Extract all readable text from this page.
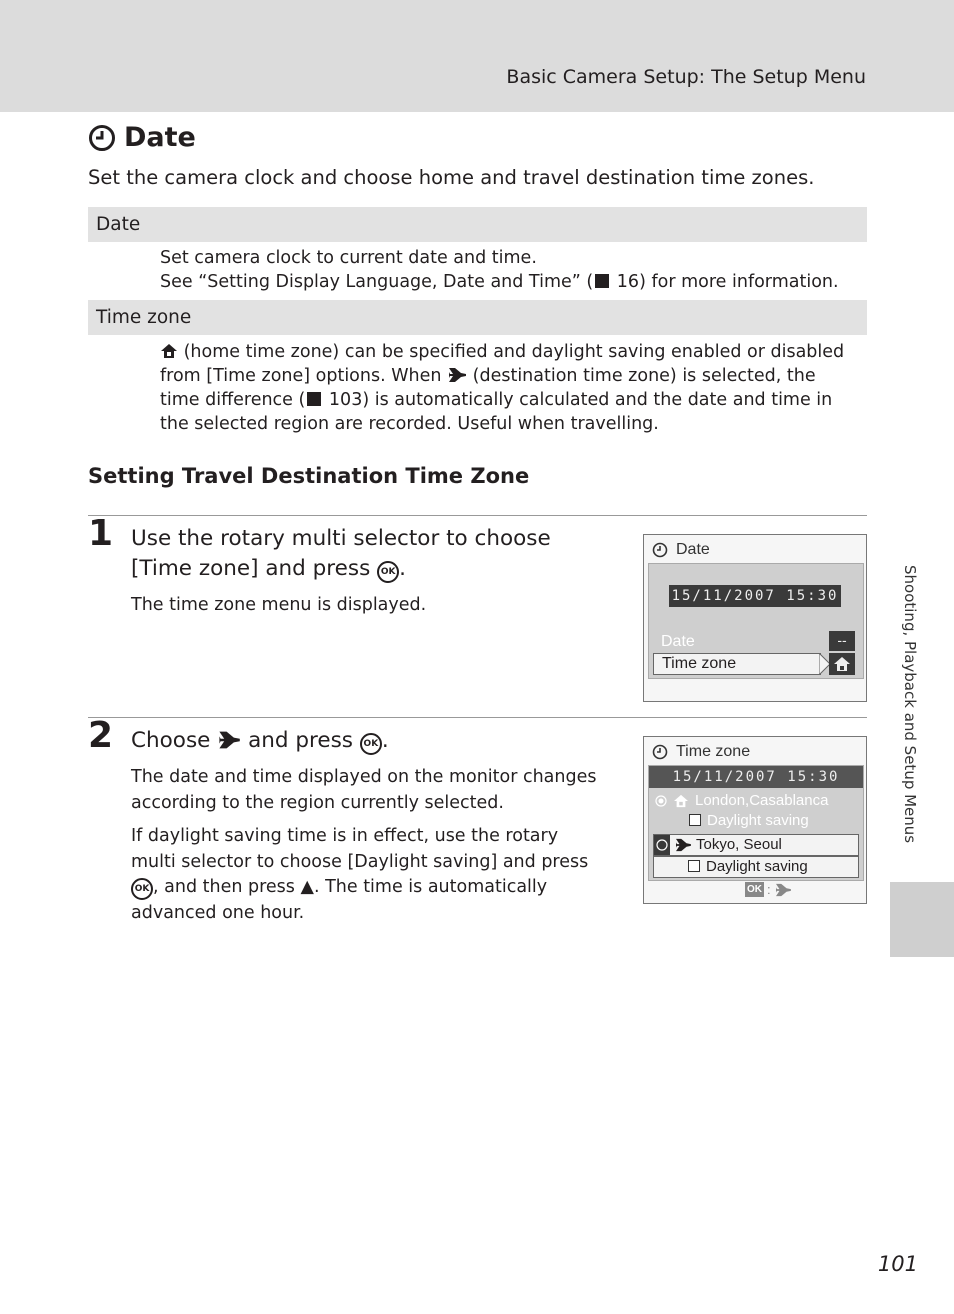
Basic Camera Setup: The Setup Menu
Date
Set the camera clock and choose home and travel destination time zones.
Date
Set camera clock to current date and time.
See “Setting Display Language, Date and Time” ( 16) for more information.
Time zone
(home time zone) can be specified and daylight saving enabled or disabled from [Time zone] options. When (destination time zone) is selected, the time difference ( 103) is automatically calculated and the date and time in the selected region are recorded. Useful when travelling.
Setting Travel Destination Time Zone
1 Use the rotary multi selector to choose [Time zone] and press OK .
The time zone menu is displayed.
Date
15/11/2007 15:30
Date	--
Time zone
2 Choose and press OK .
The date and time displayed on the monitor changes according to the region currently selected.
If daylight saving time is in effect, use the rotary multi selector to choose [Daylight saving] and press OK , and then press ▲. The time is automatically advanced one hour.
Time zone
15/11/2007 15:30
London,Casablanca
Daylight saving
Tokyo, Seoul
Daylight saving
OK :
Shooting, Playback and Setup Menus
101
